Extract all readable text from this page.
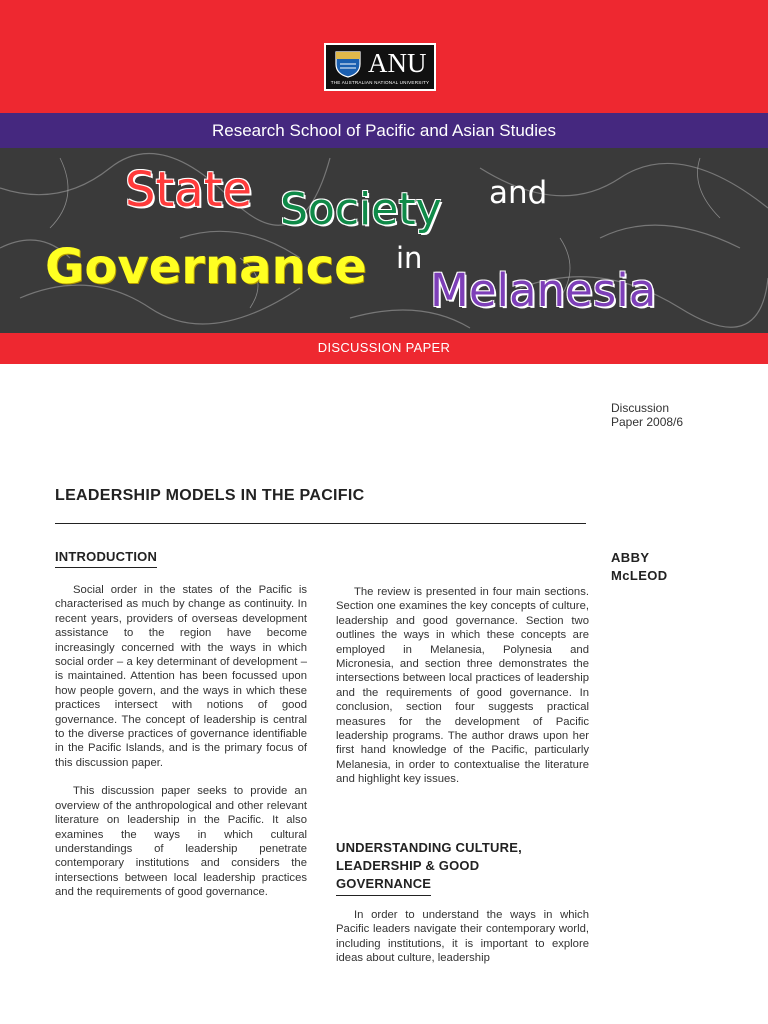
ANU
THE AUSTRALIAN NATIONAL UNIVERSITY
Research School of Pacific and Asian Studies
State Society and
Governance in
Melanesia
DISCUSSION PAPER
Discussion
Paper 2008/6
LEADERSHIP MODELS IN THE PACIFIC
INTRODUCTION	ABBY
McLEOD

Social order in the states of the Pacific is characterised as much by change as continuity. In recent years, providers of overseas development assistance to the region have become increasingly concerned with the ways in which social order – a key determinant of development – is maintained. Attention has been focussed upon how people govern, and the ways in which these practices intersect with notions of good governance. The concept of leadership is central to the diverse practices of governance identifiable in the Pacific Islands, and is the primary focus of this discussion paper.

This discussion paper seeks to provide an overview of the anthropological and other relevant literature on leadership in the Pacific. It also examines the ways in which cultural understandings of leadership penetrate contemporary institutions and considers the intersections between local leadership practices and the requirements of good governance.

The review is presented in four main sections. Section one examines the key concepts of culture, leadership and good governance. Section two outlines the ways in which these concepts are employed in Melanesia, Polynesia and Micronesia, and section three demonstrates the intersections between local practices of leadership and the requirements of good governance. In conclusion, section four suggests practical measures for the development of Pacific leadership programs. The author draws upon her first hand knowledge of the Pacific, particularly Melanesia, in order to contextualise the literature and highlight key issues.

UNDERSTANDING CULTURE,
LEADERSHIP & GOOD
GOVERNANCE

In order to understand the ways in which Pacific leaders navigate their contemporary world, including institutions, it is important to explore ideas about culture, leadership
